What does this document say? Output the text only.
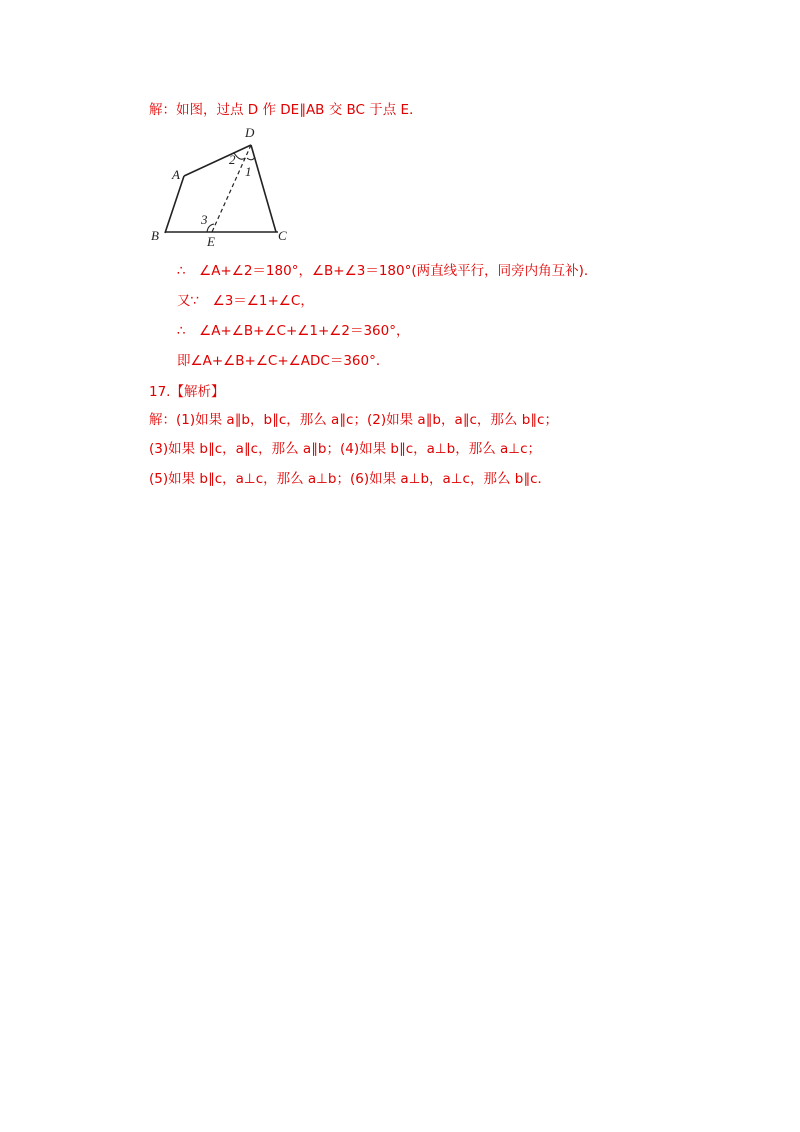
解：如图，过点 D 作 DE∥AB 交 BC 于点 E．
D
A
B	C
E
2
1
3
∴　∠A+∠2＝180°，∠B+∠3＝180°(两直线平行，同旁内角互补)．
又∵　∠3＝∠1+∠C，
∴　∠A+∠B+∠C+∠1+∠2＝360°，
即∠A+∠B+∠C+∠ADC＝360°．
17.【解析】
解：(1)如果 a∥b，b∥c，那么 a∥c；(2)如果 a∥b，a∥c，那么 b∥c；
(3)如果 b∥c，a∥c，那么 a∥b；(4)如果 b∥c，a⊥b，那么 a⊥c；
(5)如果 b∥c，a⊥c，那么 a⊥b；(6)如果 a⊥b，a⊥c，那么 b∥c．
